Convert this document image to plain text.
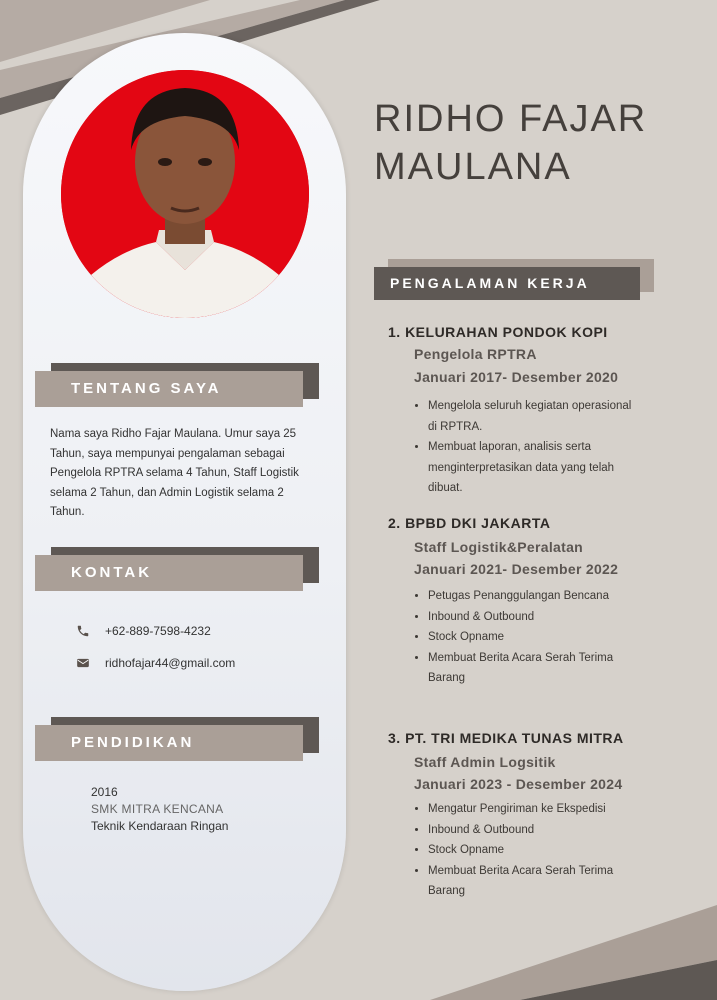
TENTANG SAYA
Nama saya Ridho Fajar Maulana. Umur saya 25 Tahun, saya mempunyai pengalaman sebagai Pengelola RPTRA selama 4 Tahun, Staff Logistik selama 2 Tahun, dan Admin Logistik selama 2 Tahun.
KONTAK
+62-889-7598-4232
ridhofajar44@gmail.com
PENDIDIKAN
2016
SMK MITRA KENCANA
Teknik Kendaraan Ringan
RIDHO FAJAR
MAULANA
PENGALAMAN KERJA
1. KELURAHAN PONDOK KOPI
Pengelola RPTRA
Januari 2017- Desember 2020
• Mengelola seluruh kegiatan operasional di RPTRA.
• Membuat laporan, analisis serta menginterpretasikan data yang telah dibuat.
2. BPBD DKI JAKARTA
Staff Logistik&Peralatan
Januari 2021- Desember 2022
• Petugas Penanggulangan Bencana
• Inbound & Outbound
• Stock Opname
• Membuat Berita Acara Serah Terima Barang
3. PT. TRI MEDIKA TUNAS MITRA
Staff Admin Logsitik
Januari 2023 - Desember 2024
• Mengatur Pengiriman ke Ekspedisi
• Inbound & Outbound
• Stock Opname
• Membuat Berita Acara Serah Terima Barang
